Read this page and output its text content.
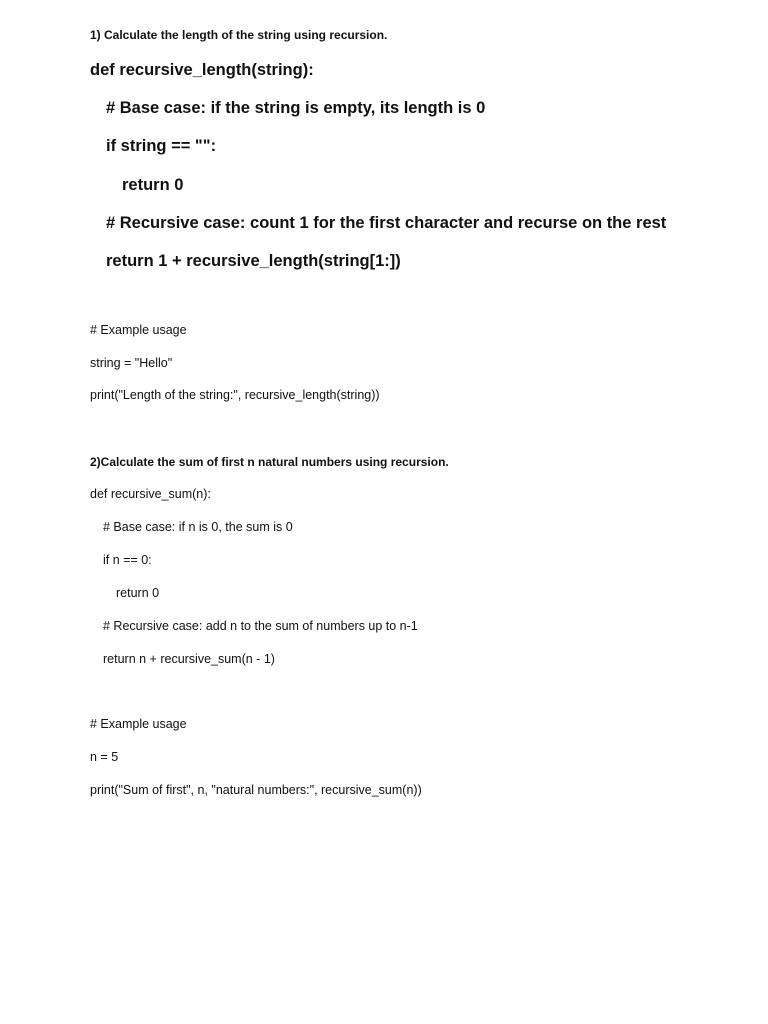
1) Calculate the length of the string using recursion.
def recursive_length(string):
# Base case: if the string is empty, its length is 0
if string == "":
return 0
# Recursive case: count 1 for the first character and recurse on the rest
return 1 + recursive_length(string[1:])
# Example usage
string = "Hello"
print("Length of the string:", recursive_length(string))
2)Calculate the sum of first n natural numbers using recursion.
def recursive_sum(n):
# Base case: if n is 0, the sum is 0
if n == 0:
return 0
# Recursive case: add n to the sum of numbers up to n-1
return n + recursive_sum(n - 1)
# Example usage
n = 5
print("Sum of first", n, "natural numbers:", recursive_sum(n))
